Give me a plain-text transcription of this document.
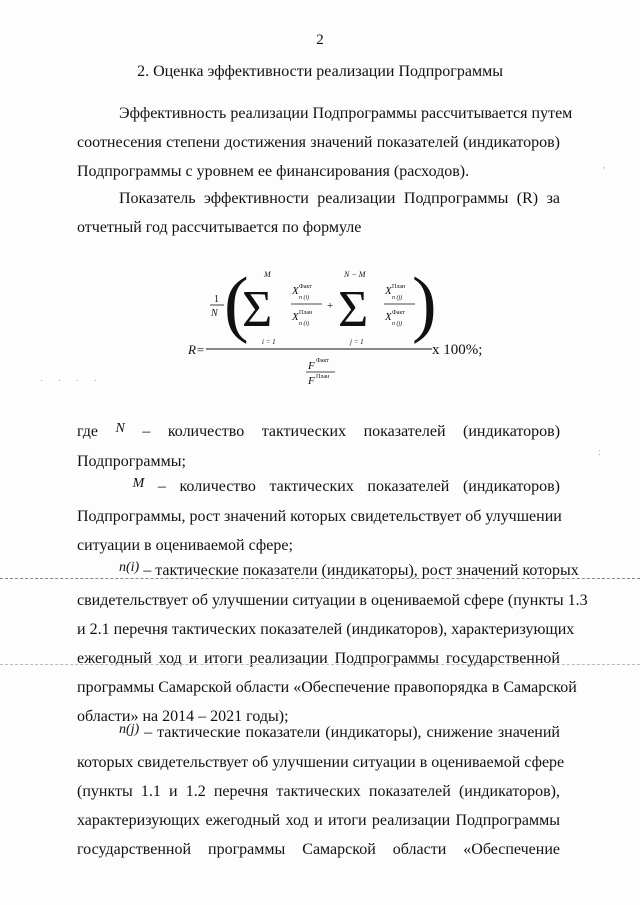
2
2. Оценка эффективности реализации Подпрограммы
Эффективность реализации Подпрограммы рассчитывается путем
соотнесения степени достижения значений показателей (индикаторов)
Подпрограммы с уровнем ее финансирования (расходов).
Показатель эффективности реализации Подпрограммы (R) за
отчетный год рассчитывается по формуле
R=
1
N ( )
M
Σ
i = 1
X Факт
n (i)
X План
n (i)
+
N − M
Σ
j = 1
X План
n (j)
X Факт
n (j)
F Факт
F План
x 100%;
,
· · · ·
:
где N – количество тактических показателей (индикаторов)
Подпрограммы;
M – количество тактических показателей (индикаторов)
Подпрограммы, рост значений которых свидетельствует об улучшении
ситуации в оцениваемой сфере;
n(i) – тактические показатели (индикаторы), рост значений которых
свидетельствует об улучшении ситуации в оцениваемой сфере (пункты 1.3
и 2.1 перечня тактических показателей (индикаторов), характеризующих
ежегодный ход и итоги реализации Подпрограммы государственной
программы Самарской области «Обеспечение правопорядка в Самарской
области» на 2014 – 2021 годы);
n(j) – тактические показатели (индикаторы), снижение значений
которых свидетельствует об улучшении ситуации в оцениваемой сфере
(пункты 1.1 и 1.2 перечня тактических показателей (индикаторов),
характеризующих ежегодный ход и итоги реализации Подпрограммы
государственной программы Самарской области «Обеспечение
